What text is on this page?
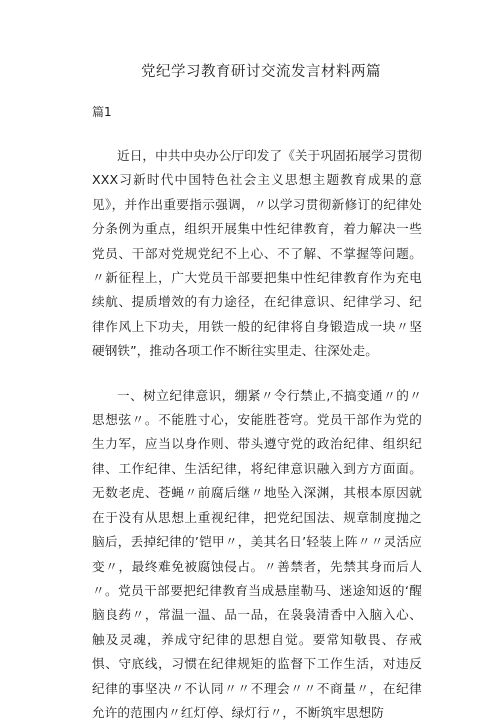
党纪学习教育研讨交流发言材料两篇

篇1

近日，中共中央办公厅印发了《关于巩固拓展学习贯彻XXX习新时代中国特色社会主义思想主题教育成果的意见》，并作出重要指示强调，〃以学习贯彻新修订的纪律处分条例为重点，组织开展集中性纪律教育，着力解决一些党员、干部对党规党纪不上心、不了解、不掌握等问题。〃新征程上，广大党员干部要把集中性纪律教育作为充电续航、提质增效的有力途径，在纪律意识、纪律学习、纪律作风上下功夫，用铁一般的纪律将自身锻造成一块〃坚硬钢铁”，推动各项工作不断往实里走、往深处走。

一、树立纪律意识，绷紧〃令行禁止,不搞变通〃的〃思想弦〃。不能胜寸心，安能胜苍穹。党员干部作为党的生力军，应当以身作则、带头遵守党的政治纪律、组织纪律、工作纪律、生活纪律，将纪律意识融入到方方面面。无数老虎、苍蝇〃前腐后继〃地坠入深渊，其根本原因就在于没有从思想上重视纪律，把党纪国法、规章制度抛之脑后，丢掉纪律的’铠甲〃，美其名日’轻装上阵〃〃灵活应变〃，最终难免被腐蚀侵占。〃善禁者，先禁其身而后人〃。党员干部要把纪律教育当成悬崖勒马、迷途知返的‘醒脑良药〃，常温一温、品一品，在袅袅清香中入脑入心、触及灵魂，养成守纪律的思想自觉。要常知敬畏、存戒惧、守底线，习惯在纪律规矩的监督下工作生活，对违反纪律的事坚决〃不认同〃〃不理会〃〃不商量〃，在纪律允许的范围内〃红灯停、绿灯行〃，不断筑牢思想防
